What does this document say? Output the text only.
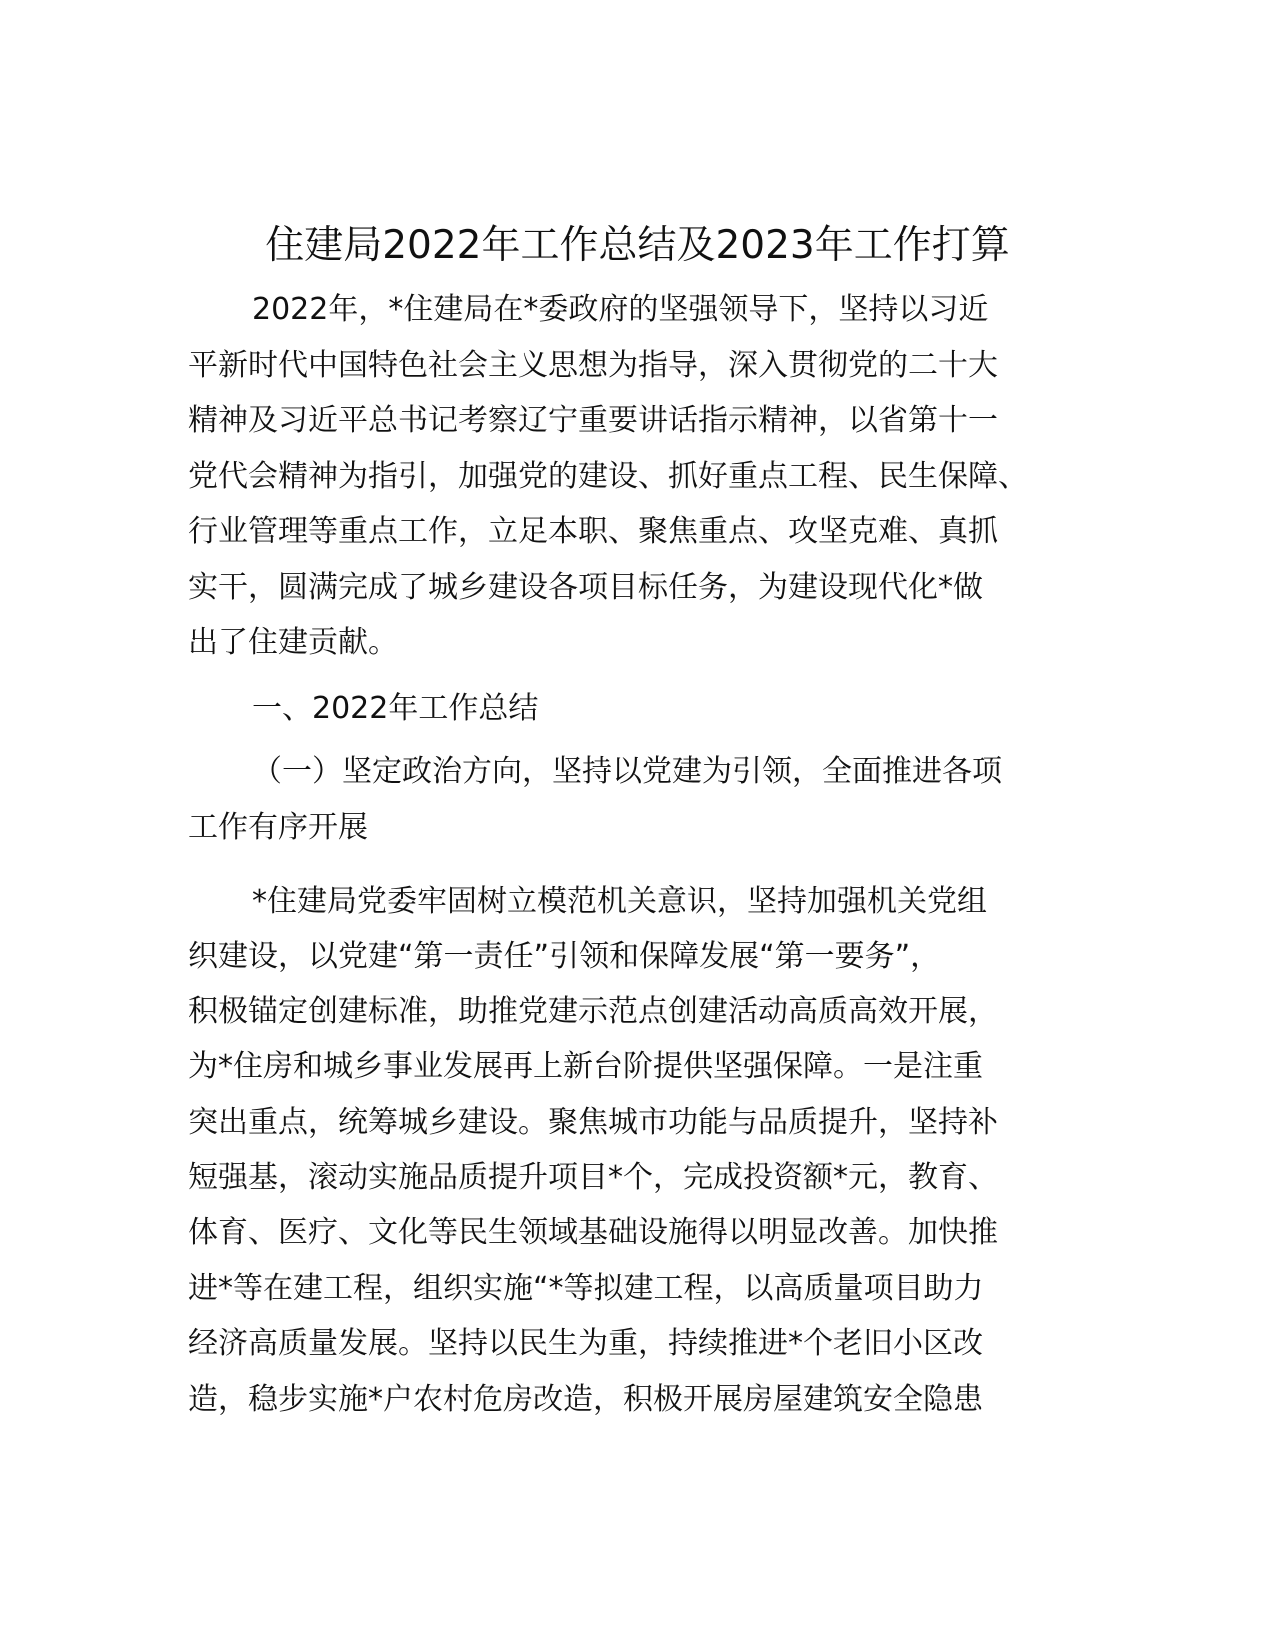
住建局2022年工作总结及2023年工作打算
2022年，*住建局在*委政府的坚强领导下，坚持以习近
平新时代中国特色社会主义思想为指导，深入贯彻党的二十大
精神及习近平总书记考察辽宁重要讲话指示精神，以省第十一
党代会精神为指引，加强党的建设、抓好重点工程、民生保障、
行业管理等重点工作，立足本职、聚焦重点、攻坚克难、真抓
实干，圆满完成了城乡建设各项目标任务，为建设现代化*做
出了住建贡献。
一、2022年工作总结
（一）坚定政治方向，坚持以党建为引领，全面推进各项
工作有序开展
*住建局党委牢固树立模范机关意识，坚持加强机关党组
织建设，以党建“第一责任”引领和保障发展“第一要务”，
积极锚定创建标准，助推党建示范点创建活动高质高效开展，
为*住房和城乡事业发展再上新台阶提供坚强保障。一是注重
突出重点，统筹城乡建设。聚焦城市功能与品质提升，坚持补
短强基，滚动实施品质提升项目*个，完成投资额*元，教育、
体育、医疗、文化等民生领域基础设施得以明显改善。加快推
进*等在建工程，组织实施“*等拟建工程，以高质量项目助力
经济高质量发展。坚持以民生为重，持续推进*个老旧小区改
造，稳步实施*户农村危房改造，积极开展房屋建筑安全隐患
